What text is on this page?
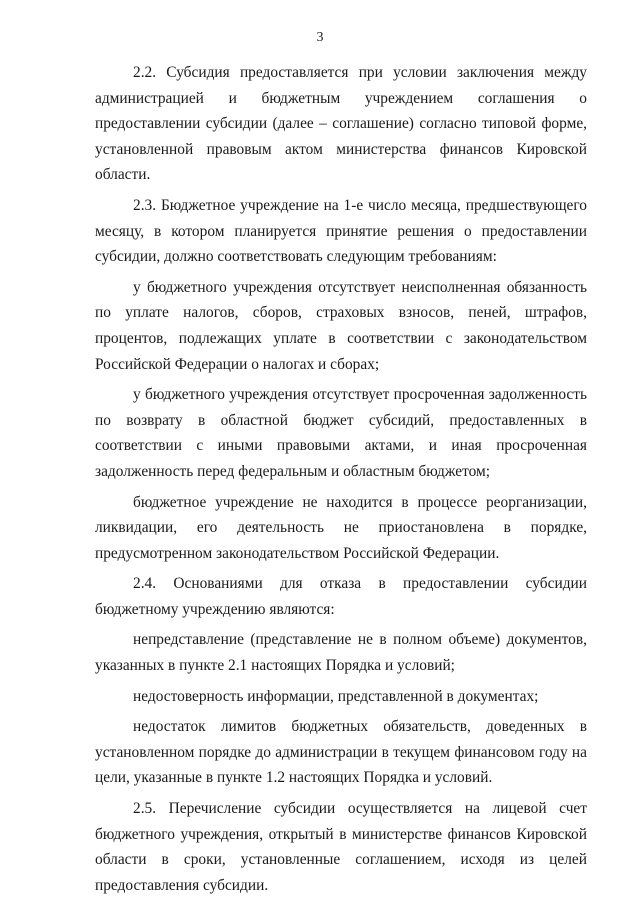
3

2.2. Субсидия предоставляется при условии заключения между администрацией и бюджетным учреждением соглашения о предоставлении субсидии (далее – соглашение) согласно типовой форме, установленной правовым актом министерства финансов Кировской области.

2.3. Бюджетное учреждение на 1-е число месяца, предшествующего месяцу, в котором планируется принятие решения о предоставлении субсидии, должно соответствовать следующим требованиям:

у бюджетного учреждения отсутствует неисполненная обязанность по уплате налогов, сборов, страховых взносов, пеней, штрафов, процентов, подлежащих уплате в соответствии с законодательством Российской Федерации о налогах и сборах;

у бюджетного учреждения отсутствует просроченная задолженность по возврату в областной бюджет субсидий, предоставленных в соответствии с иными правовыми актами, и иная просроченная задолженность перед федеральным и областным бюджетом;

бюджетное учреждение не находится в процессе реорганизации, ликвидации, его деятельность не приостановлена в порядке, предусмотренном законодательством Российской Федерации.

2.4. Основаниями для отказа в предоставлении субсидии бюджетному учреждению являются:

непредставление (представление не в полном объеме) документов, указанных в пункте 2.1 настоящих Порядка и условий;

недостоверность информации, представленной в документах;

недостаток лимитов бюджетных обязательств, доведенных в установленном порядке до администрации в текущем финансовом году на цели, указанные в пункте 1.2 настоящих Порядка и условий.

2.5. Перечисление субсидии осуществляется на лицевой счет бюджетного учреждения, открытый в министерстве финансов Кировской области в сроки, установленные соглашением, исходя из целей предоставления субсидии.
